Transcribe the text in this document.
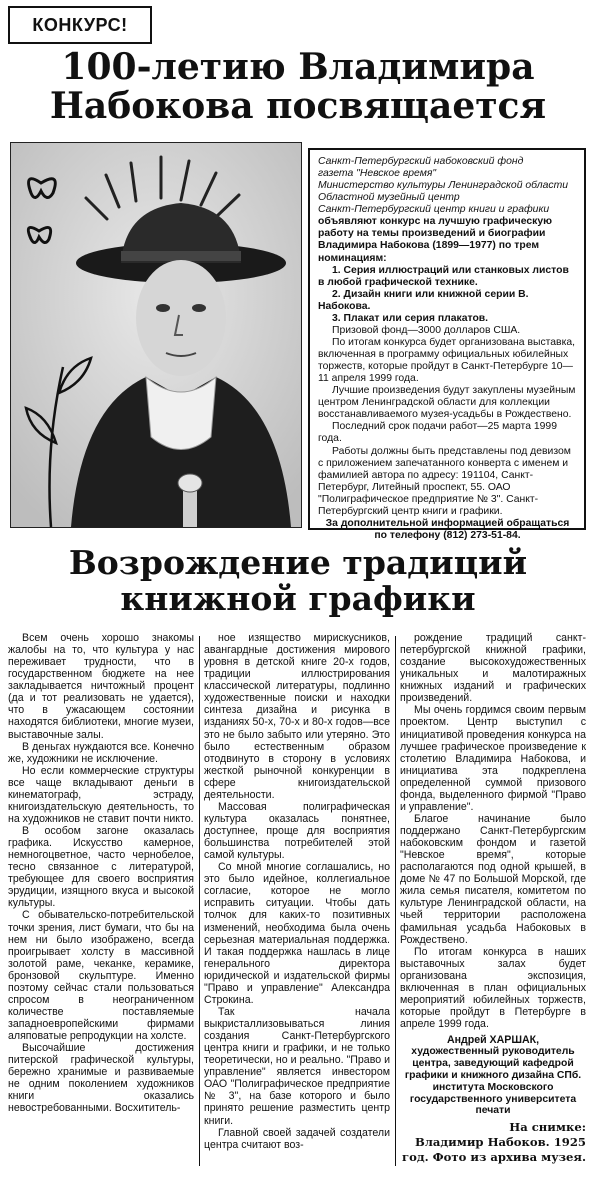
КОНКУРС!
100-летию Владимира
Набокова посвящается

Санкт-Петербургский набоковский фонд

газета "Невское время"

Министерство культуры Ленинградской области

Областной музейный центр

Санкт-Петербургский центр книги и графики

объявляют конкурс на лучшую графическую работу на темы произведений и биографии Владимира Набокова (1899—1977) по трем номинациям:

1. Серия иллюстраций или станковых листов в любой графической технике.

2. Дизайн книги или книжной серии В. Набокова.

3. Плакат или серия плакатов.

Призовой фонд—3000 долларов США.

По итогам конкурса будет организована выставка, включенная в программу официальных юбилейных торжеств, которые пройдут в Санкт-Петербурге 10—11 апреля 1999 года.

Лучшие произведения будут закуплены музейным центром Ленинградской области для коллекции восстанавливаемого музея-усадьбы в Рождествено.

Последний срок подачи работ—25 марта 1999 года.

Работы должны быть представлены под девизом с приложением запечатанного конверта с именем и фамилией автора по адресу: 191104, Санкт-Петербург, Литейный проспект, 55. ОАО "Полиграфическое предприятие № 3". Санкт-Петербургский центр книги и графики.

За дополнительной информацией обращаться по телефону (812) 273-51-84.

Возрождение традиций
книжной графики

Всем очень хорошо знакомы жалобы на то, что культура у нас переживает трудности, что в государственном бюджете на нее закладывается ничтожный процент (да и тот реализовать не удается), что в ужасающем состоянии находятся библиотеки, многие музеи, выставочные залы.

В деньгах нуждаются все. Конечно же, художники не исключение.

Но если коммерческие структуры все чаще вкладывают деньги в кинематограф, эстраду, книгоиздательскую деятельность, то на художников не ставит почти никто.

В особом загоне оказалась графика. Искусство камерное, немногоцветное, часто чернобелое, тесно связанное с литературой, требующее для своего восприятия эрудиции, изящного вкуса и высокой культуры.

С обывательско-потребительской точки зрения, лист бумаги, что бы на нем ни было изображено, всегда проигрывает холсту в массивной золотой раме, чеканке, керамике, бронзовой скульптуре. Именно поэтому сейчас стали пользоваться спросом в неограниченном количестве поставляемые западноевропейскими фирмами аляповатые репродукции на холсте.

Высочайшие достижения питерской графической культуры, бережно хранимые и развиваемые не одним поколением художников книги оказались невостребованными. Восхититель-

ное изящество мирискусников, авангардные достижения мирового уровня в детской книге 20-х годов, традиции иллюстрирования классической литературы, подлинно художественные поиски и находки синтеза дизайна и рисунка в изданиях 50-х, 70-х и 80-х годов—все это не было забыто или утеряно. Это было естественным образом отодвинуто в сторону в условиях жесткой рыночной конкуренции в сфере книгоиздательской деятельности.

Массовая полиграфическая культура оказалась понятнее, доступнее, проще для восприятия большинства потребителей этой самой культуры.

Со мной многие соглашались, но это было идейное, коллегиальное согласие, которое не могло исправить ситуации. Чтобы дать толчок для каких-то позитивных изменений, необходима была очень серьезная материальная поддержка. И такая поддержка нашлась в лице генерального директора юридической и издательской фирмы "Право и управление" Александра Строкина.

Так начала выкристаллизовываться линия создания Санкт-Петербургского центра книги и графики, и не только теоретически, но и реально. "Право и управление" является инвестором ОАО "Полиграфическое предприятие № 3", на базе которого и было принято решение разместить центр книги.

Главной своей задачей создатели центра считают воз-

рождение традиций санкт-петербургской книжной графики, создание высокохудожественных уникальных и малотиражных книжных изданий и графических произведений.

Мы очень гордимся своим первым проектом. Центр выступил с инициативой проведения конкурса на лучшее графическое произведение к столетию Владимира Набокова, и инициатива эта подкреплена определенной суммой призового фонда, выделенного фирмой "Право и управление".

Благое начинание было поддержано Санкт-Петербургским набоковским фондом и газетой "Невское время", которые располагаются под одной крышей, в доме № 47 по Большой Морской, где жила семья писателя, комитетом по культуре Ленинградской области, на чьей территории расположена фамильная усадьба Набоковых в Рождествено.

По итогам конкурса в наших выставочных залах будет организована экспозиция, включенная в план официальных мероприятий юбилейных торжеств, которые пройдут в Петербурге в апреле 1999 года.

Андрей ХАРШАК,

художественный руководитель центра, заведующий кафедрой графики и книжного дизайна СПб. института Московского государственного университета печати

На снимке:
Владимир Набоков. 1925 год. Фото из архива музея.
